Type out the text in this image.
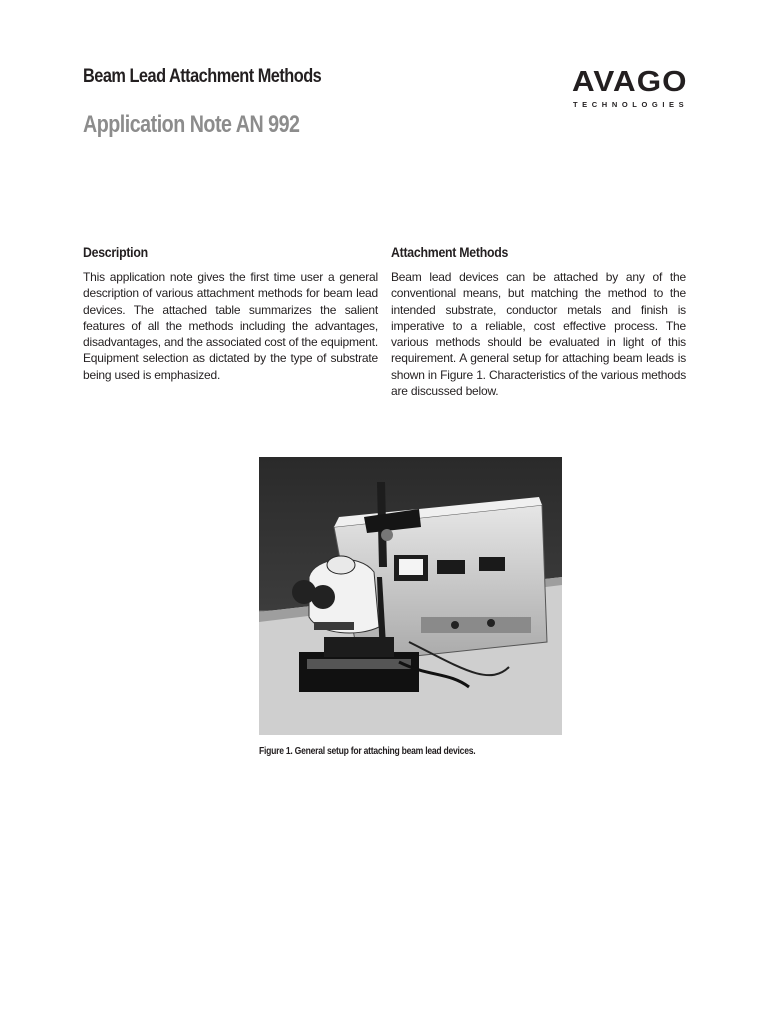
Beam Lead Attachment Methods
Application Note AN 992
AVAGO
TECHNOLOGIES
Description

This application note gives the first time user a general description of various attachment methods for beam lead devices. The attached table summarizes the salient features of all the methods including the advantages, disadvantages, and the associated cost of the equipment. Equipment selection as dictated by the type of substrate being used is emphasized.

Attachment Methods

Beam lead devices can be attached by any of the conventional means, but matching the method to the intended substrate, conductor metals and finish is imperative to a reliable, cost effective process. The various methods should be evaluated in light of this requirement. A general setup for attaching beam leads is shown in Figure 1. Characteristics of the various methods are discussed below.

Figure 1. General setup for attaching beam lead devices.
